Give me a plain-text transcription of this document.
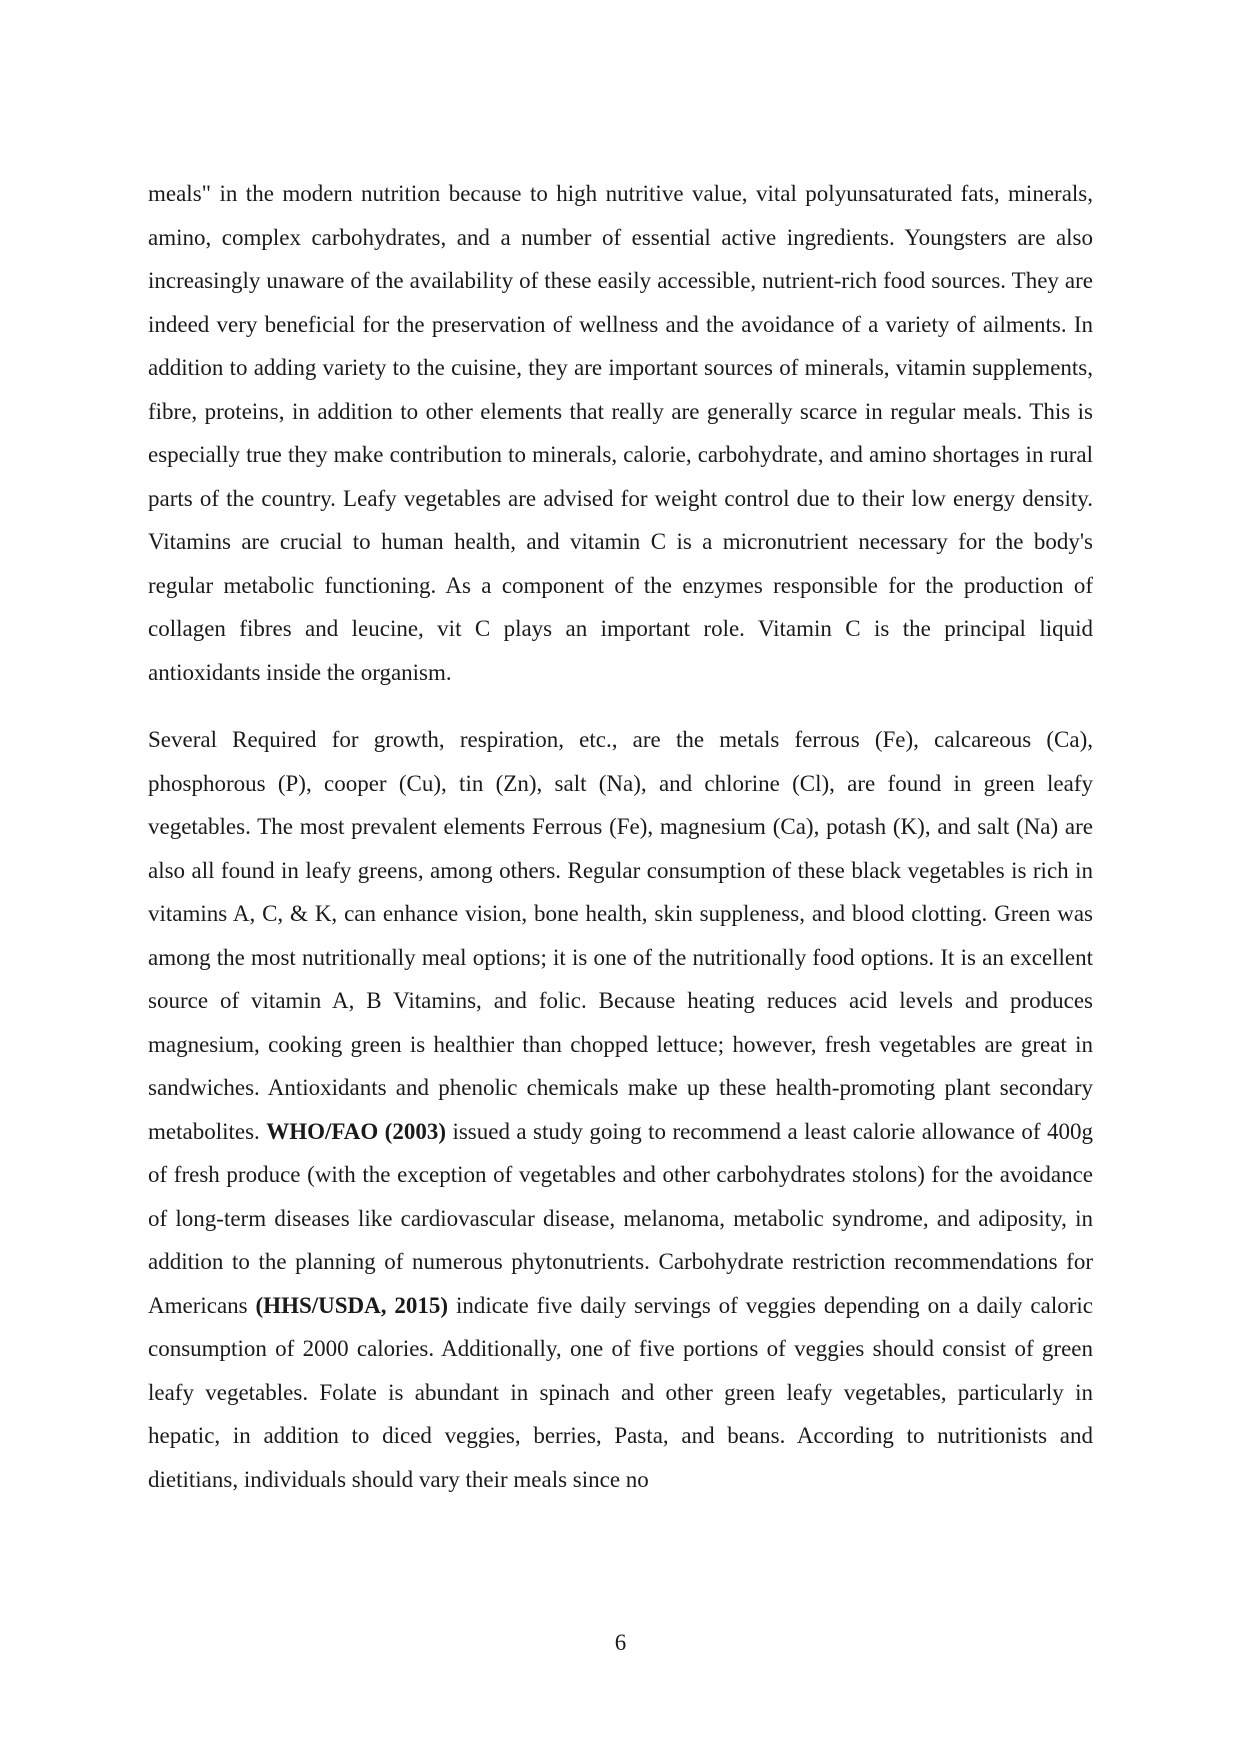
meals" in the modern nutrition because to high nutritive value, vital polyunsaturated fats, minerals, amino, complex carbohydrates, and a number of essential active ingredients. Youngsters are also increasingly unaware of the availability of these easily accessible, nutrient-rich food sources. They are indeed very beneficial for the preservation of wellness and the avoidance of a variety of ailments. In addition to adding variety to the cuisine, they are important sources of minerals, vitamin supplements, fibre, proteins, in addition to other elements that really are generally scarce in regular meals. This is especially true they make contribution to minerals, calorie, carbohydrate, and amino shortages in rural parts of the country. Leafy vegetables are advised for weight control due to their low energy density. Vitamins are crucial to human health, and vitamin C is a micronutrient necessary for the body's regular metabolic functioning. As a component of the enzymes responsible for the production of collagen fibres and leucine, vit C plays an important role. Vitamin C is the principal liquid antioxidants inside the organism.

Several Required for growth, respiration, etc., are the metals ferrous (Fe), calcareous (Ca), phosphorous (P), cooper (Cu), tin (Zn), salt (Na), and chlorine (Cl), are found in green leafy vegetables. The most prevalent elements Ferrous (Fe), magnesium (Ca), potash (K), and salt (Na) are also all found in leafy greens, among others. Regular consumption of these black vegetables is rich in vitamins A, C, & K, can enhance vision, bone health, skin suppleness, and blood clotting. Green was among the most nutritionally meal options; it is one of the nutritionally food options. It is an excellent source of vitamin A, B Vitamins, and folic. Because heating reduces acid levels and produces magnesium, cooking green is healthier than chopped lettuce; however, fresh vegetables are great in sandwiches. Antioxidants and phenolic chemicals make up these health-promoting plant secondary metabolites. WHO/FAO (2003) issued a study going to recommend a least calorie allowance of 400g of fresh produce (with the exception of vegetables and other carbohydrates stolons) for the avoidance of long-term diseases like cardiovascular disease, melanoma, metabolic syndrome, and adiposity, in addition to the planning of numerous phytonutrients. Carbohydrate restriction recommendations for Americans (HHS/USDA, 2015) indicate five daily servings of veggies depending on a daily caloric consumption of 2000 calories. Additionally, one of five portions of veggies should consist of green leafy vegetables. Folate is abundant in spinach and other green leafy vegetables, particularly in hepatic, in addition to diced veggies, berries, Pasta, and beans. According to nutritionists and dietitians, individuals should vary their meals since no

6
